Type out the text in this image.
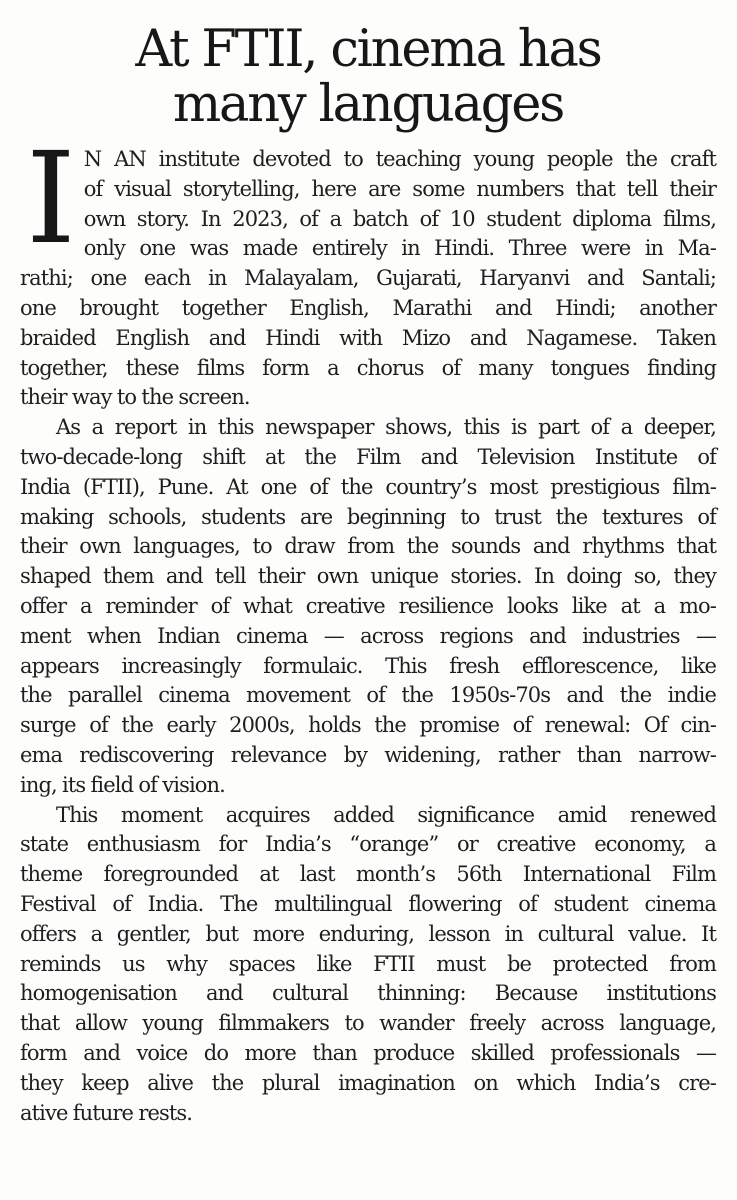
At FTII, cinema has
many languages

I N AN institute devoted to teaching young people the craft
of visual storytelling, here are some numbers that tell their
own story. In 2023, of a batch of 10 student diploma films,
only one was made entirely in Hindi. Three were in Ma-
rathi; one each in Malayalam, Gujarati, Haryanvi and Santali;
one brought together English, Marathi and Hindi; another
braided English and Hindi with Mizo and Nagamese. Taken
together, these films form a chorus of many tongues finding
their way to the screen.

As a report in this newspaper shows, this is part of a deeper,
two-decade-long shift at the Film and Television Institute of
India (FTII), Pune. At one of the country’s most prestigious film-
making schools, students are beginning to trust the textures of
their own languages, to draw from the sounds and rhythms that
shaped them and tell their own unique stories. In doing so, they
offer a reminder of what creative resilience looks like at a mo-
ment when Indian cinema — across regions and industries —
appears increasingly formulaic. This fresh efflorescence, like
the parallel cinema movement of the 1950s-70s and the indie
surge of the early 2000s, holds the promise of renewal: Of cin-
ema rediscovering relevance by widening, rather than narrow-
ing, its field of vision.

This moment acquires added significance amid renewed
state enthusiasm for India’s “orange” or creative economy, a
theme foregrounded at last month’s 56th International Film
Festival of India. The multilingual flowering of student cinema
offers a gentler, but more enduring, lesson in cultural value. It
reminds us why spaces like FTII must be protected from
homogenisation and cultural thinning: Because institutions
that allow young filmmakers to wander freely across language,
form and voice do more than produce skilled professionals —
they keep alive the plural imagination on which India’s cre-
ative future rests.
